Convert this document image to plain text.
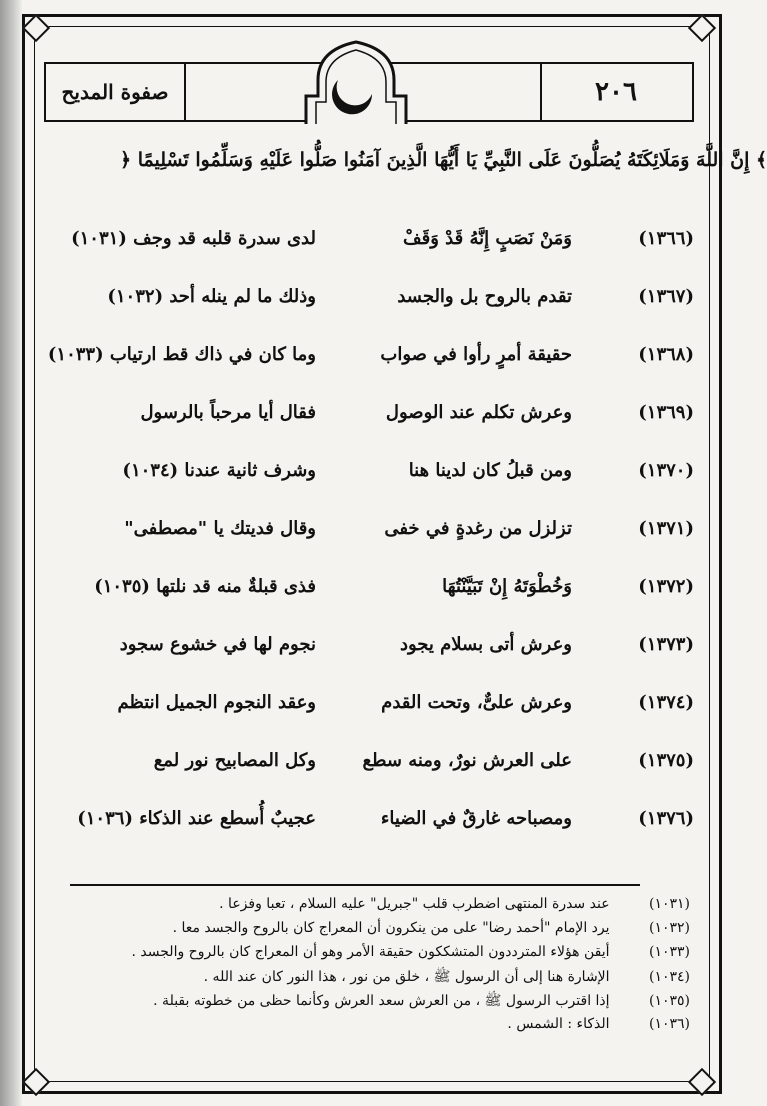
٢٠٦
صفوة المديح
﴿ إِنَّ اللَّهَ وَمَلَائِكَتَهُ يُصَلُّونَ عَلَى النَّبِيِّ يَا أَيُّهَا الَّذِينَ آمَنُوا صَلُّوا عَلَيْهِ وَسَلِّمُوا تَسْلِيمًا ﴾
(١٣٦٦)
وَمَنْ نَصَبٍ إِنَّهُ قَدْ وَقَفْ
لدى سدرة قلبه قد وجف (١٠٣١)
(١٣٦٧)
تقدم بالروح بل والجسد
وذلك ما لم ينله أحد (١٠٣٢)
(١٣٦٨)
حقيقة أمرٍ رأوا في صواب
وما كان في ذاك قط ارتياب (١٠٣٣)
(١٣٦٩)
وعرش تكلم عند الوصول
فقال أيا مرحباً بالرسول
(١٣٧٠)
ومن قبلُ كان لدينا هنا
وشرف ثانية عندنا (١٠٣٤)
(١٣٧١)
تزلزل من رغدةٍ في خفى
وقال فديتك يا "مصطفى"
(١٣٧٢)
وَخُطْوَتَهُ إِنْ تَبَيَّنْتُهَا
فذى قبلةٌ منه قد نلتها (١٠٣٥)
(١٣٧٣)
وعرش أتى بسلام يجود
نجوم لها في خشوع سجود
(١٣٧٤)
وعرش علىٌّ، وتحت القدم
وعقد النجوم الجميل انتظم
(١٣٧٥)
على العرش نورٌ، ومنه سطع
وكل المصابيح نور لمع
(١٣٧٦)
ومصباحه غارقٌ في الضياء
عجيبٌ أُسطع عند الذكاء (١٠٣٦)
(١٠٣١) عند سدرة المنتهى اضطرب قلب "جبريل" عليه السلام ، تعبا وفزعا .
(١٠٣٢) يرد الإمام "أحمد رضا" على من ينكرون أن المعراج كان بالروح والجسد معا .
(١٠٣٣) أيقن هؤلاء المترددون المتشككون حقيقة الأمر وهو أن المعراج كان بالروح والجسد .
(١٠٣٤) الإشارة هنا إلى أن الرسول ﷺ ، خلق من نور ، هذا النور كان عند الله .
(١٠٣٥) إذا اقترب الرسول ﷺ ، من العرش سعد العرش وكأنما حظى من خطوته بقبلة .
(١٠٣٦) الذكاء : الشمس .
